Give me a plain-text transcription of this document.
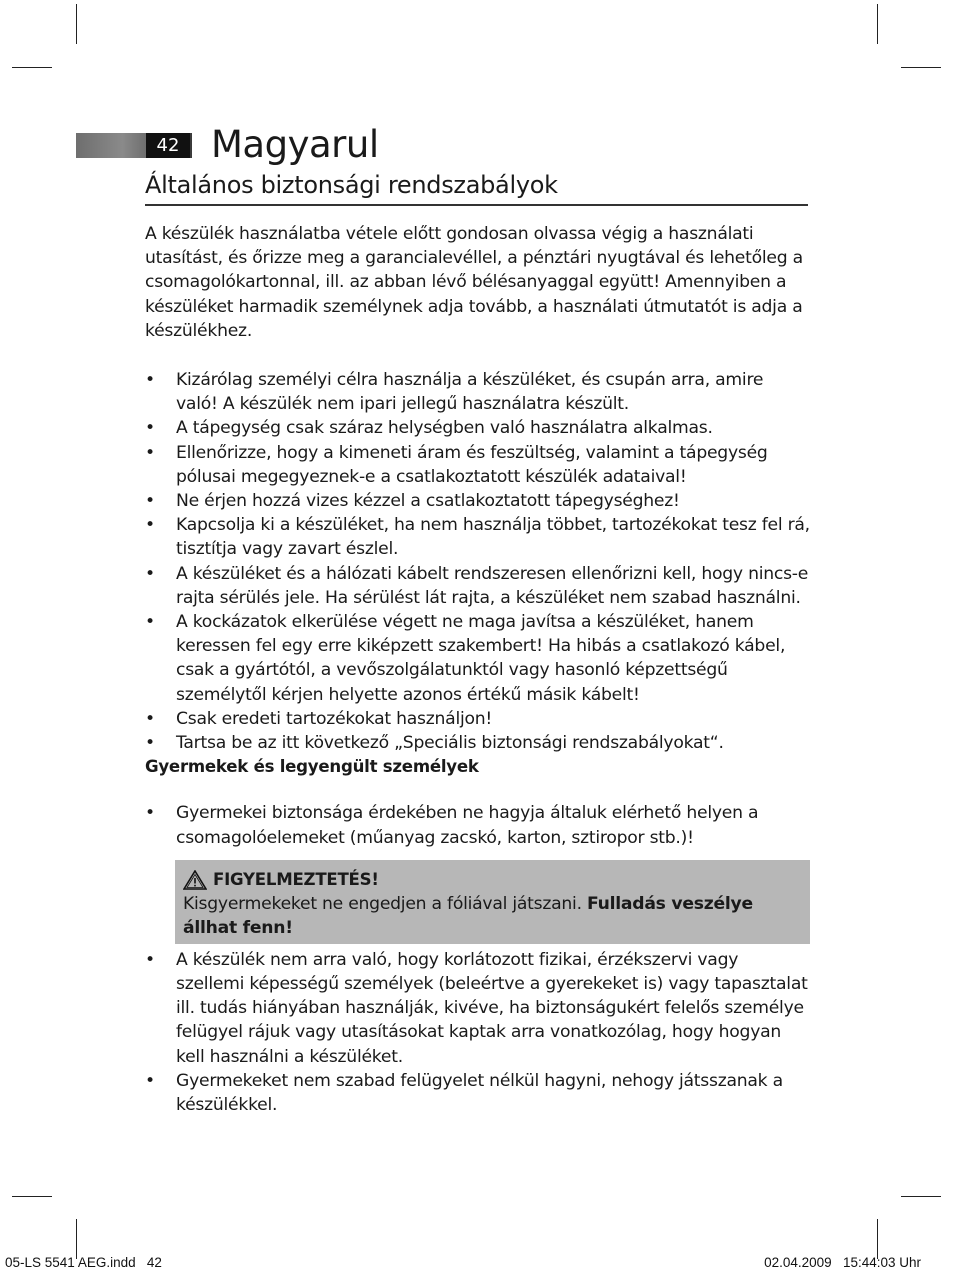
42 Magyarul
Általános biztonsági rendszabályok

A készülék használatba vétele előtt gondosan olvassa végig a használati utasítást, és őrizze meg a garancialevéllel, a pénztári nyugtával és lehetőleg a csomagolókartonnal, ill. az abban lévő bélésanyaggal együtt! Amennyiben a készüléket harmadik személynek adja tovább, a használati útmutatót is adja a készülékhez.

• Kizárólag személyi célra használja a készüléket, és csupán arra, amire való! A készülék nem ipari jellegű használatra készült.
• A tápegység csak száraz helységben való használatra alkalmas.
• Ellenőrizze, hogy a kimeneti áram és feszültség, valamint a tápegység pólusai megegyeznek-e a csatlakoztatott készülék adataival!
• Ne érjen hozzá vizes kézzel a csatlakoztatott tápegységhez!
• Kapcsolja ki a készüléket, ha nem használja többet, tartozékokat tesz fel rá, tisztítja vagy zavart észlel.
• A készüléket és a hálózati kábelt rendszeresen ellenőrizni kell, hogy nincs-e rajta sérülés jele. Ha sérülést lát rajta, a készüléket nem szabad használni.
• A kockázatok elkerülése végett ne maga javítsa a készüléket, hanem keressen fel egy erre kiképzett szakembert! Ha hibás a csatlakozó kábel, csak a gyártótól, a vevőszolgálatunktól vagy hasonló képzettségű személytől kérjen helyette azonos értékű másik kábelt!
• Csak eredeti tartozékokat használjon!
• Tartsa be az itt következő „Speciális biztonsági rendszabályokat“.

Gyermekek és legyengült személyek

• Gyermekei biztonsága érdekében ne hagyja általuk elérhető helyen a csomagolóelemeket (műanyag zacskó, karton, sztiropor stb.)!
FIGYELMEZTETÉS!

Kisgyermekeket ne engedjen a fóliával játszani. Fulladás veszélye állhat fenn!

• A készülék nem arra való, hogy korlátozott fizikai, érzékszervi vagy szellemi képességű személyek (beleértve a gyerekeket is) vagy tapasztalat ill. tudás hiányában használják, kivéve, ha biztonságukért felelős személye felügyel rájuk vagy utasításokat kaptak arra vonatkozólag, hogy hogyan kell használni a készüléket.
• Gyermekeket nem szabad felügyelet nélkül hagyni, nehogy játsszanak a készülékkel.
05-LS 5541 AEG.indd   42	02.04.2009   15:44:03 Uhr
